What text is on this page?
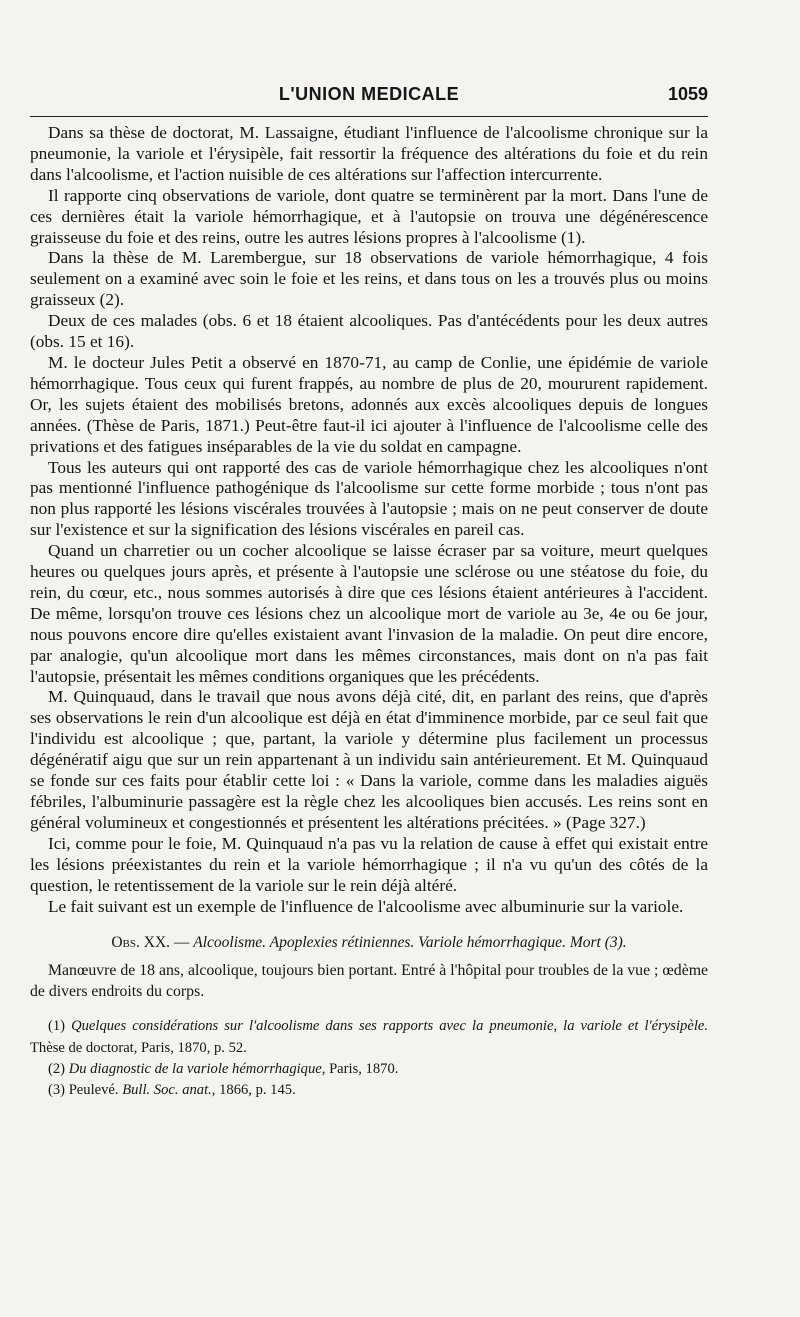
L'UNION MEDICALE	1059

Dans sa thèse de doctorat, M. Lassaigne, étudiant l'influence de l'alcoolisme chronique sur la pneumonie, la variole et l'érysipèle, fait ressortir la fréquence des altérations du foie et du rein dans l'alcoolisme, et l'action nuisible de ces altérations sur l'affection intercurrente.

Il rapporte cinq observations de variole, dont quatre se terminèrent par la mort. Dans l'une de ces dernières était la variole hémorrhagique, et à l'autopsie on trouva une dégénérescence graisseuse du foie et des reins, outre les autres lésions propres à l'alcoolisme (1).

Dans la thèse de M. Larembergue, sur 18 observations de variole hémorrhagique, 4 fois seulement on a examiné avec soin le foie et les reins, et dans tous on les a trouvés plus ou moins graisseux (2).

Deux de ces malades (obs. 6 et 18 étaient alcooliques. Pas d'antécédents pour les deux autres (obs. 15 et 16).

M. le docteur Jules Petit a observé en 1870-71, au camp de Conlie, une épidémie de variole hémorrhagique. Tous ceux qui furent frappés, au nombre de plus de 20, moururent rapidement. Or, les sujets étaient des mobilisés bretons, adonnés aux excès alcooliques depuis de longues années. (Thèse de Paris, 1871.) Peut-être faut-il ici ajouter à l'influence de l'alcoolisme celle des privations et des fatigues inséparables de la vie du soldat en campagne.

Tous les auteurs qui ont rapporté des cas de variole hémorrhagique chez les alcooliques n'ont pas mentionné l'influence pathogénique ds l'alcoolisme sur cette forme morbide ; tous n'ont pas non plus rapporté les lésions viscérales trouvées à l'autopsie ; mais on ne peut conserver de doute sur l'existence et sur la signification des lésions viscérales en pareil cas.

Quand un charretier ou un cocher alcoolique se laisse écraser par sa voiture, meurt quelques heures ou quelques jours après, et présente à l'autopsie une sclérose ou une stéatose du foie, du rein, du cœur, etc., nous sommes autorisés à dire que ces lésions étaient antérieures à l'accident. De même, lorsqu'on trouve ces lésions chez un alcoolique mort de variole au 3e, 4e ou 6e jour, nous pouvons encore dire qu'elles existaient avant l'invasion de la maladie. On peut dire encore, par analogie, qu'un alcoolique mort dans les mêmes circonstances, mais dont on n'a pas fait l'autopsie, présentait les mêmes conditions organiques que les précédents.

M. Quinquaud, dans le travail que nous avons déjà cité, dit, en parlant des reins, que d'après ses observations le rein d'un alcoolique est déjà en état d'imminence morbide, par ce seul fait que l'individu est alcoolique ; que, partant, la variole y détermine plus facilement un processus dégénératif aigu que sur un rein appartenant à un individu sain antérieurement. Et M. Quinquaud se fonde sur ces faits pour établir cette loi : « Dans la variole, comme dans les maladies aiguës fébriles, l'albuminurie passagère est la règle chez les alcooliques bien accusés. Les reins sont en général volumineux et congestionnés et présentent les altérations précitées. » (Page 327.)

Ici, comme pour le foie, M. Quinquaud n'a pas vu la relation de cause à effet qui existait entre les lésions préexistantes du rein et la variole hémorrhagique ; il n'a vu qu'un des côtés de la question, le retentissement de la variole sur le rein déjà altéré.

Le fait suivant est un exemple de l'influence de l'alcoolisme avec albuminurie sur la variole.

Obs. XX. — Alcoolisme. Apoplexies rétiniennes. Variole hémorrhagique. Mort (3).

Manœuvre de 18 ans, alcoolique, toujours bien portant. Entré à l'hôpital pour troubles de la vue ; œdème de divers endroits du corps.

(1) Quelques considérations sur l'alcoolisme dans ses rapports avec la pneumonie, la variole et l'érysipèle. Thèse de doctorat, Paris, 1870, p. 52.

(2) Du diagnostic de la variole hémorrhagique, Paris, 1870.

(3) Peulevé. Bull. Soc. anat., 1866, p. 145.
